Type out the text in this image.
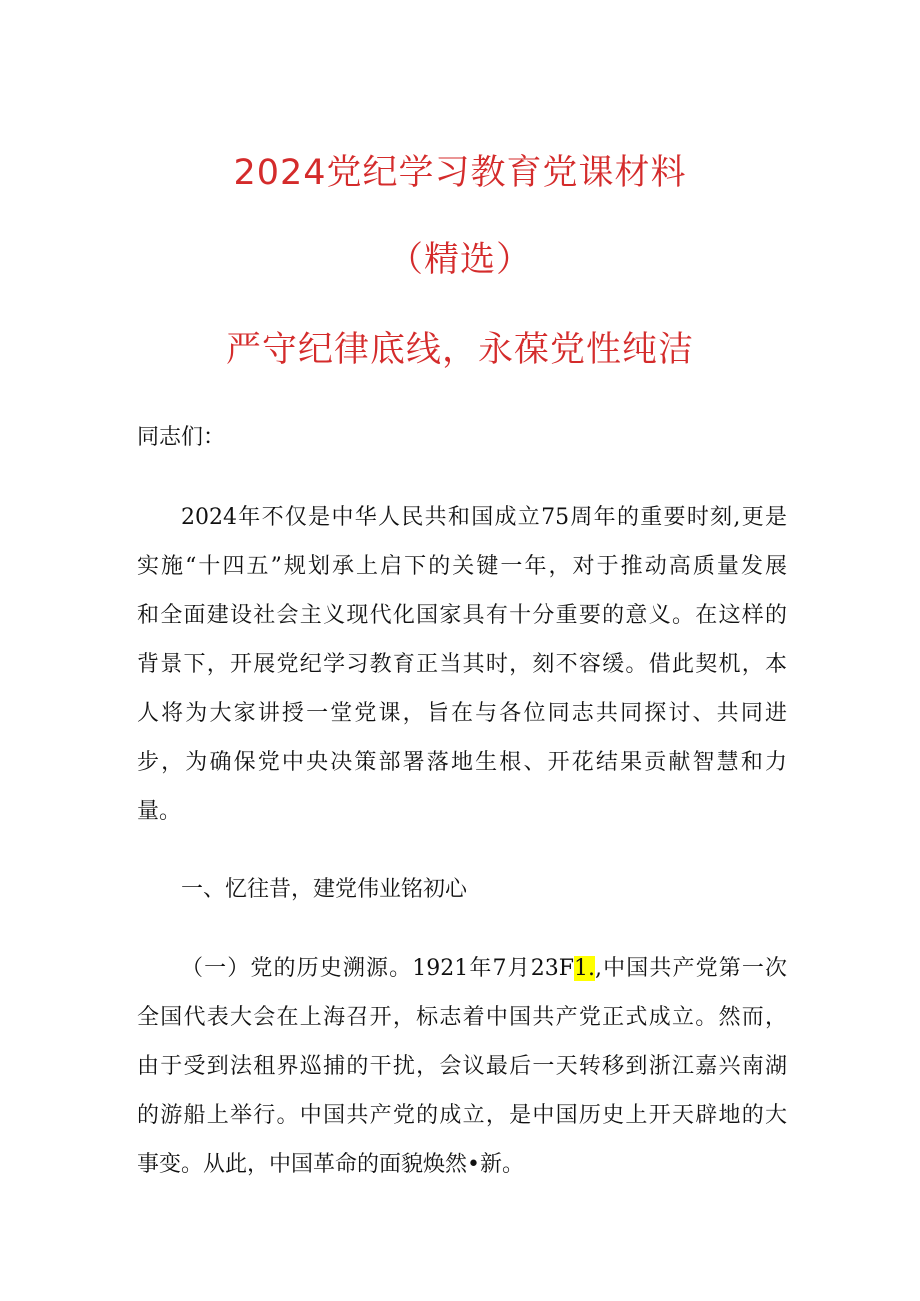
2024党纪学习教育党课材料
（精选）
严守纪律底线，永葆党性纯洁
同志们：
2024年不仅是中华人民共和国成立75周年的重要时刻,更是
实施“十四五”规划承上启下的关键一年，对于推动高质量发展
和全面建设社会主义现代化国家具有十分重要的意义。在这样的
背景下，开展党纪学习教育正当其时，刻不容缓。借此契机，本
人将为大家讲授一堂党课，旨在与各位同志共同探讨、共同进
步，为确保党中央决策部署落地生根、开花结果贡献智慧和力
量。
一、忆往昔，建党伟业铭初心
（一）党的历史溯源。1921年7月23F1.,中国共产党第一次
全国代表大会在上海召开，标志着中国共产党正式成立。然而，
由于受到法租界巡捕的干扰，会议最后一天转移到浙江嘉兴南湖
的游船上举行。中国共产党的成立，是中国历史上开天辟地的大
事变。从此，中国革命的面貌焕然•新。
